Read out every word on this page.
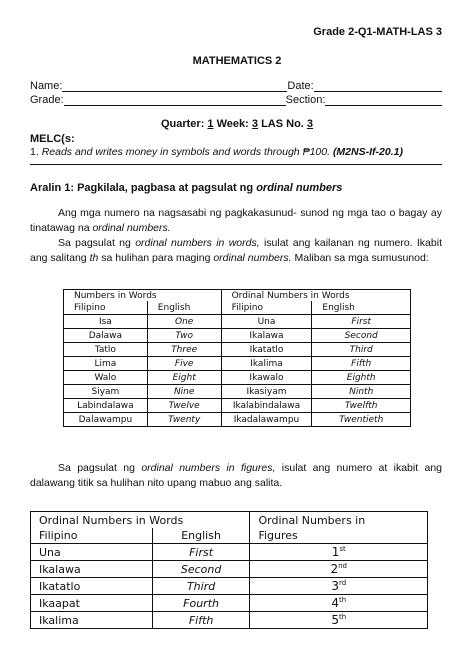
Grade 2-Q1-MATH-LAS 3
MATHEMATICS 2
Name:	Date:
Grade:	Section:
Quarter: 1 Week: 3 LAS No. 3
MELC(s:
1. Reads and writes money in symbols and words through ₱100. (M2NS-If-20.1)
Aralin 1: Pagkilala, pagbasa at pagsulat ng ordinal numbers
Ang mga numero na nagsasabi ng pagkakasunud- sunod ng mga tao o bagay ay tinatawag na ordinal numbers.
Sa pagsulat ng ordinal numbers in words, isulat ang kailanan ng numero. Ikabit ang salitang th sa hulihan para maging ordinal numbers. Maliban sa mga sumusunod:
Numbers in Words		Ordinal Numbers in Words	
Filipino	English	Filipino	English
Isa	One	Una	First
Dalawa	Two	Ikalawa	Second
Tatlo	Three	Ikatatlo	Third
Lima	Five	Ikalima	Fifth
Walo	Eight	Ikawalo	Eighth
Siyam	Nine	Ikasiyam	Ninth
Labindalawa	Twelve	Ikalabindalawa	Twelfth
Dalawampu	Twenty	Ikadalawampu	Twentieth
Sa pagsulat ng ordinal numbers in figures, isulat ang numero at ikabit ang dalawang titik sa hulihan nito upang mabuo ang salita.
Ordinal Numbers in Words		Ordinal Numbers in
Filipino	English	Figures
Una	First	1st
Ikalawa	Second	2nd
Ikatatlo	Third	3rd
Ikaapat	Fourth	4th
Ikalima	Fifth	5th
